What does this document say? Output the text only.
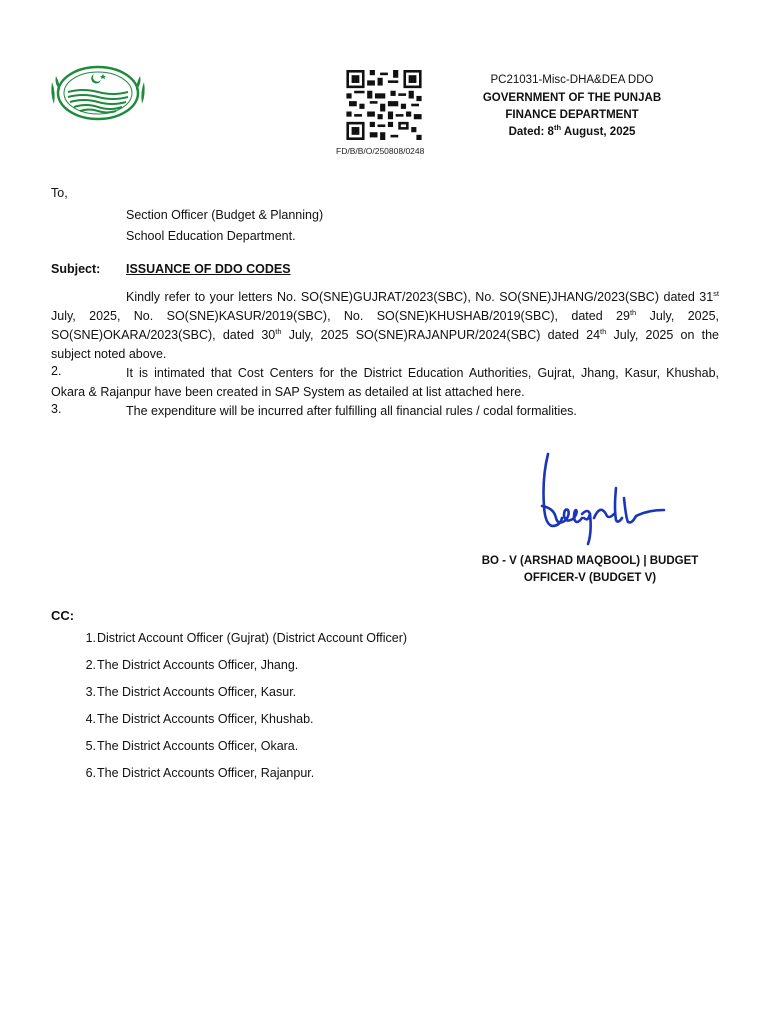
FD/B/B/O/250808/0248
PC21031-Misc-DHA&DEA DDO
GOVERNMENT OF THE PUNJAB
FINANCE DEPARTMENT
Dated: 8th August, 2025
To,
Section Officer (Budget & Planning)
School Education Department.
Subject: ISSUANCE OF DDO CODES
Kindly refer to your letters No. SO(SNE)GUJRAT/2023(SBC), No. SO(SNE)JHANG/2023(SBC) dated 31st July, 2025, No. SO(SNE)KASUR/2019(SBC), No. SO(SNE)KHUSHAB/2019(SBC), dated 29th July, 2025, SO(SNE)OKARA/2023(SBC), dated 30th July, 2025 SO(SNE)RAJANPUR/2024(SBC) dated 24th July, 2025 on the subject noted above.
It is intimated that Cost Centers for the District Education Authorities, Gujrat, Jhang, Kasur, Khushab, Okara & Rajanpur have been created in SAP System as detailed at list attached here.
2.
The expenditure will be incurred after fulfilling all financial rules / codal formalities.
3.
BO - V (ARSHAD MAQBOOL) | BUDGET
OFFICER-V (BUDGET V)
CC:
1. District Account Officer (Gujrat) (District Account Officer)
2. The District Accounts Officer, Jhang.
3. The District Accounts Officer, Kasur.
4. The District Accounts Officer, Khushab.
5. The District Accounts Officer, Okara.
6. The District Accounts Officer, Rajanpur.
